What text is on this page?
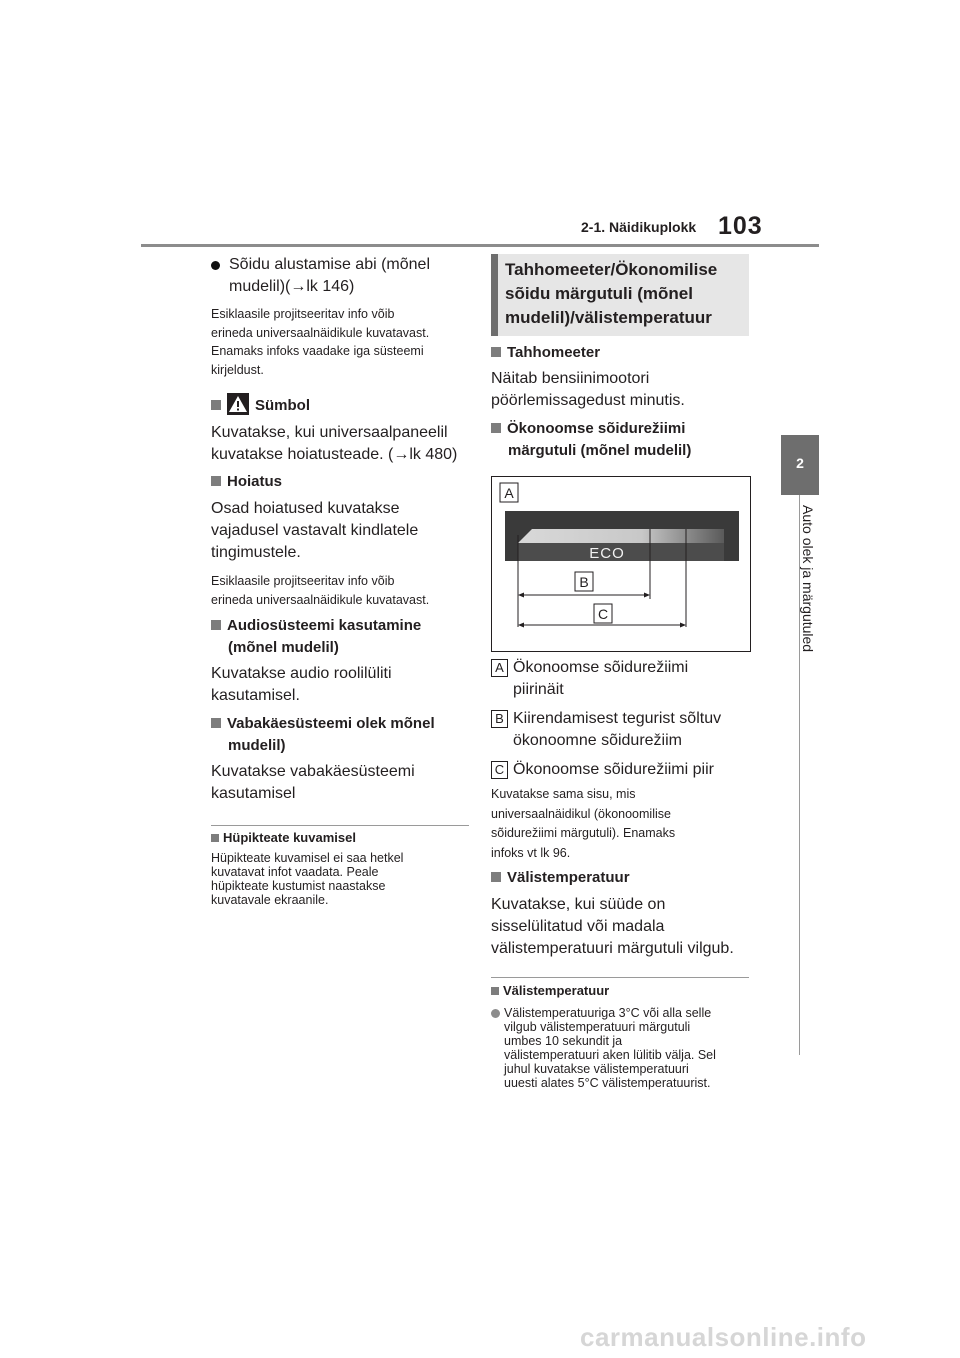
2-1. Näidikuplokk 103
2
Auto olek ja märgutuled
Sõidu alustamise abi (mõnel
mudelil)(→lk 146)
Esiklaasile projitseeritav info võib
erineda universaalnäidikule kuvatavast.
Enamaks infoks vaadake iga süsteemi
kirjeldust.
Sümbol
Kuvatakse, kui universaalpaneelil
kuvatakse hoiatusteade. (→lk 480)
Hoiatus
Osad hoiatused kuvatakse
vajadusel vastavalt kindlatele
tingimustele.
Esiklaasile projitseeritav info võib
erineda universaalnäidikule kuvatavast.
Audiosüsteemi kasutamine
(mõnel mudelil)
Kuvatakse audio roolilüliti
kasutamisel.
Vabakäesüsteemi olek mõnel
mudelil)
Kuvatakse vabakäesüsteemi
kasutamisel
Hüpikteate kuvamisel
Hüpikteate kuvamisel ei saa hetkel
kuvatavat infot vaadata. Peale
hüpikteate kustumist naastakse
kuvatavale ekraanile.
Tahhomeeter/Ökonomilise
sõidu märgutuli (mõnel
mudelil)/välistemperatuur
Tahhomeeter
Näitab bensiinimootori
pöörlemissagedust minutis.
Ökonoomse sõidurežiimi
märgutuli (mõnel mudelil)
A
ECO
B
C
A Ökonoomse sõidurežiimi
piirinäit
B Kiirendamisest tegurist sõltuv
ökonoomne sõidurežiim
C Ökonoomse sõidurežiimi piir
Kuvatakse sama sisu, mis
universaalnäidikul (ökonoomilise
sõidurežiimi märgutuli). Enamaks
infoks vt lk 96.
Välistemperatuur
Kuvatakse, kui süüde on
sisselülitatud või madala
välistemperatuuri märgutuli vilgub.
Välistemperatuur
Välistemperatuuriga 3°C või alla selle
vilgub välistemperatuuri märgutuli
umbes 10 sekundit ja
välistemperatuuri aken lülitib välja. Sel
juhul kuvatakse välistemperatuuri
uuesti alates 5°C välistemperatuurist.
carmanualsonline.info
